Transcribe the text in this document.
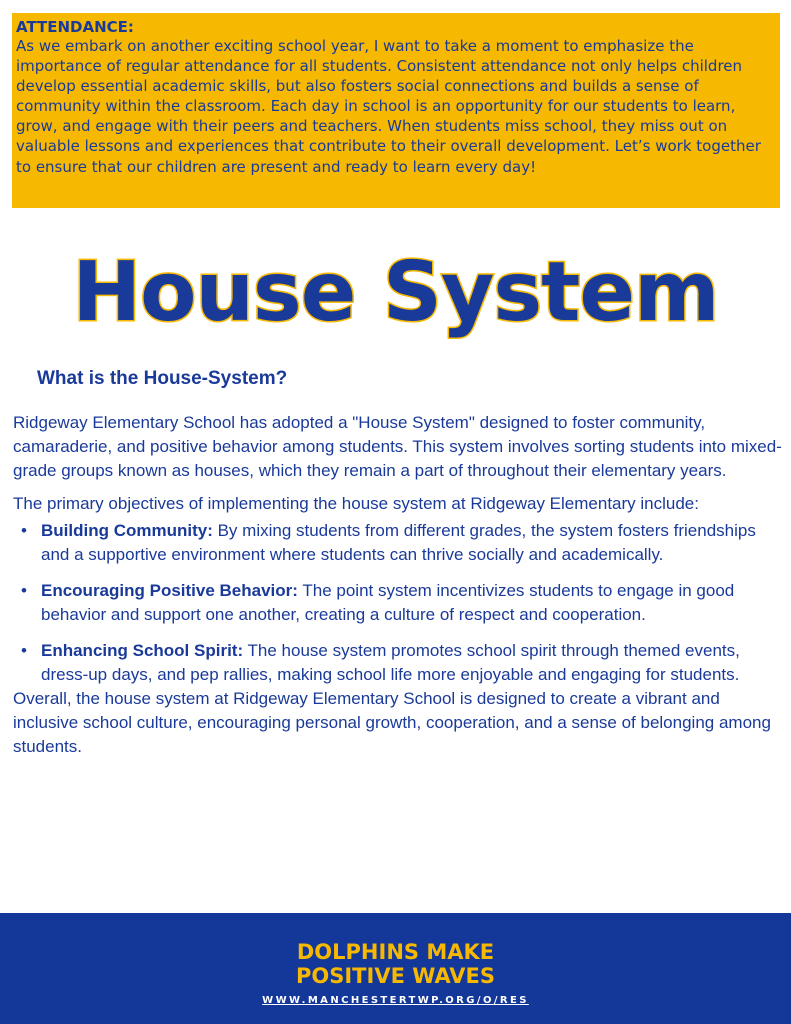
ATTENDANCE:

As we embark on another exciting school year, I want to take a moment to emphasize the importance of regular attendance for all students. Consistent attendance not only helps children develop essential academic skills, but also fosters social connections and builds a sense of community within the classroom. Each day in school is an opportunity for our students to learn, grow, and engage with their peers and teachers. When students miss school, they miss out on valuable lessons and experiences that contribute to their overall development. Let’s work together to ensure that our children are present and ready to learn every day!

House System
What is the House-System?

Ridgeway Elementary School has adopted a "House System" designed to foster community, camaraderie, and positive behavior among students. This system involves sorting students into mixed-grade groups known as houses, which they remain a part of throughout their elementary years.

The primary objectives of implementing the house system at Ridgeway Elementary include:
• Building Community: By mixing students from different grades, the system fosters friendships and a supportive environment where students can thrive socially and academically.
• Encouraging Positive Behavior: The point system incentivizes students to engage in good behavior and support one another, creating a culture of respect and cooperation.
• Enhancing School Spirit: The house system promotes school spirit through themed events, dress-up days, and pep rallies, making school life more enjoyable and engaging for students.

Overall, the house system at Ridgeway Elementary School is designed to create a vibrant and inclusive school culture, encouraging personal growth, cooperation, and a sense of belonging among students.

DOLPHINS MAKE
POSITIVE WAVES
WWW.MANCHESTERTWP.ORG/O/RES
